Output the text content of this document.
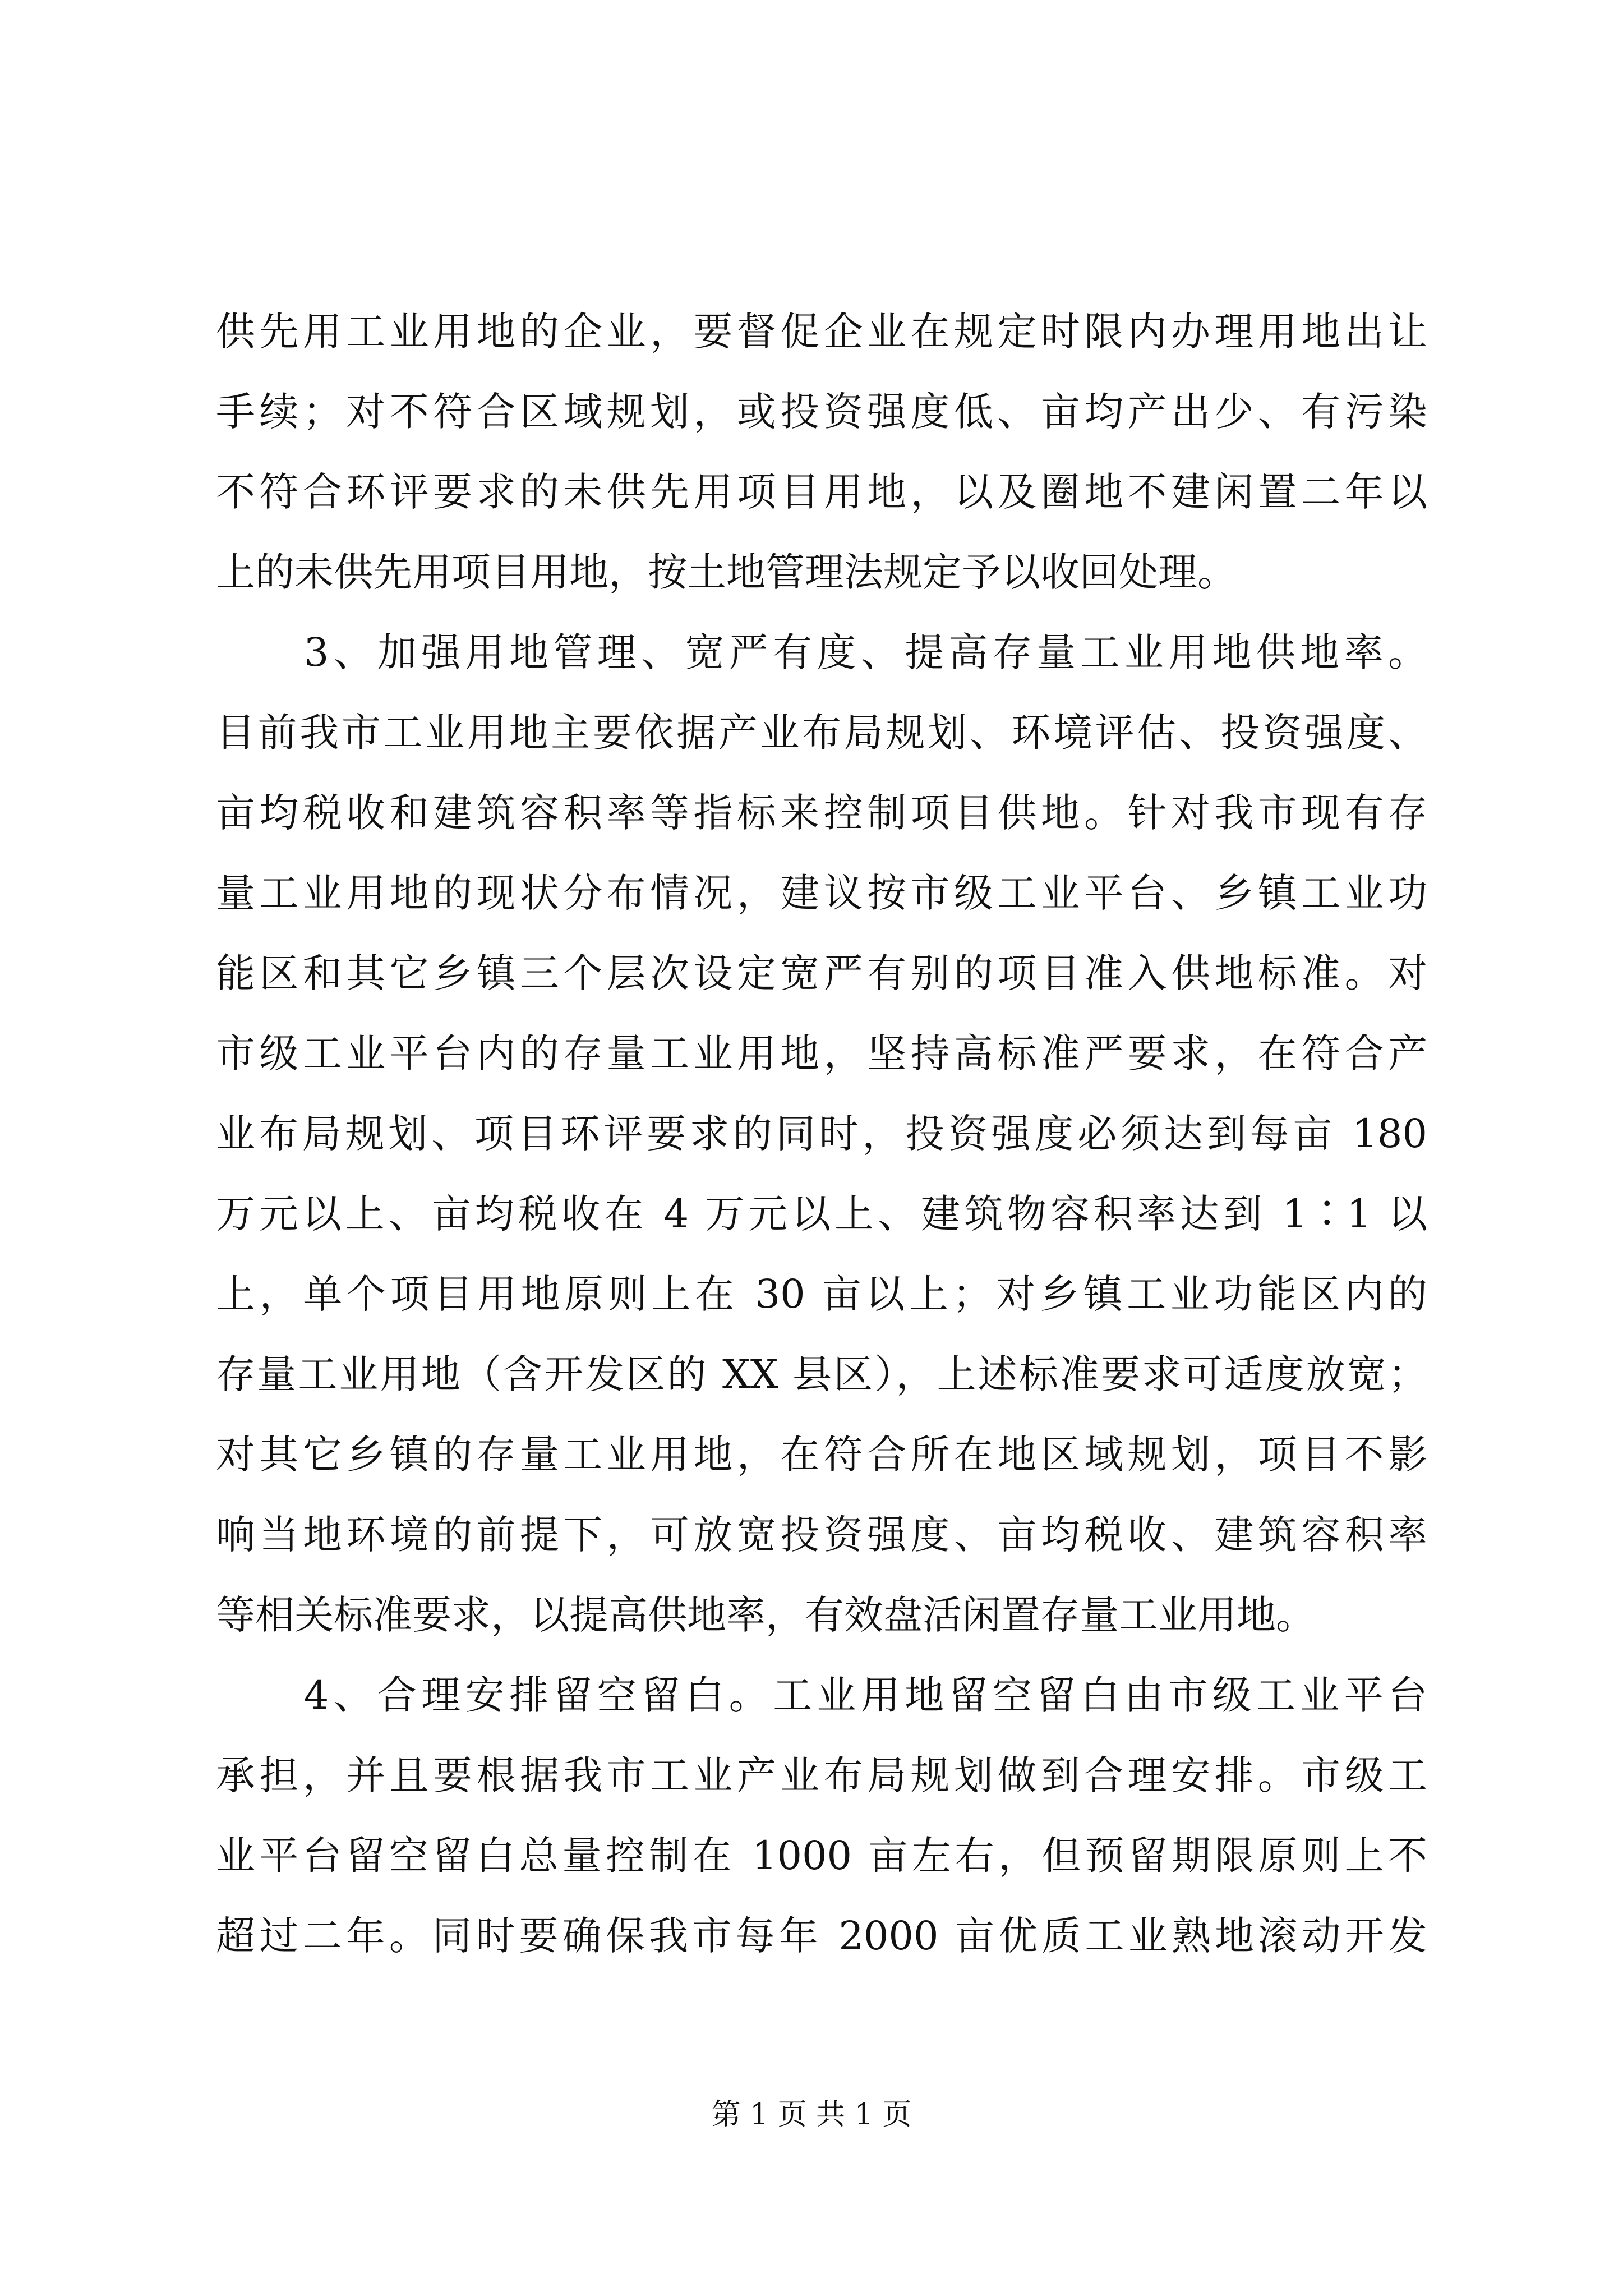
供先用工业用地的企业，要督促企业在规定时限内办理用地出让
手续；对不符合区域规划，或投资强度低、亩均产出少、有污染
不符合环评要求的未供先用项目用地，以及圈地不建闲置二年以
上的未供先用项目用地，按土地管理法规定予以收回处理。
　　3、加强用地管理、宽严有度、提高存量工业用地供地率。
目前我市工业用地主要依据产业布局规划、环境评估、投资强度、
亩均税收和建筑容积率等指标来控制项目供地。针对我市现有存
量工业用地的现状分布情况，建议按市级工业平台、乡镇工业功
能区和其它乡镇三个层次设定宽严有别的项目准入供地标准。对
市级工业平台内的存量工业用地，坚持高标准严要求，在符合产
业布局规划、项目环评要求的同时，投资强度必须达到每亩 180
万元以上、亩均税收在 4 万元以上、建筑物容积率达到 1∶1 以
上，单个项目用地原则上在 30 亩以上；对乡镇工业功能区内的
存量工业用地（含开发区的 XX 县区），上述标准要求可适度放宽；
对其它乡镇的存量工业用地，在符合所在地区域规划，项目不影
响当地环境的前提下，可放宽投资强度、亩均税收、建筑容积率
等相关标准要求，以提高供地率，有效盘活闲置存量工业用地。
　　4、合理安排留空留白。工业用地留空留白由市级工业平台
承担，并且要根据我市工业产业布局规划做到合理安排。市级工
业平台留空留白总量控制在 1000 亩左右，但预留期限原则上不
超过二年。同时要确保我市每年 2000 亩优质工业熟地滚动开发
第 1 页 共 1 页
